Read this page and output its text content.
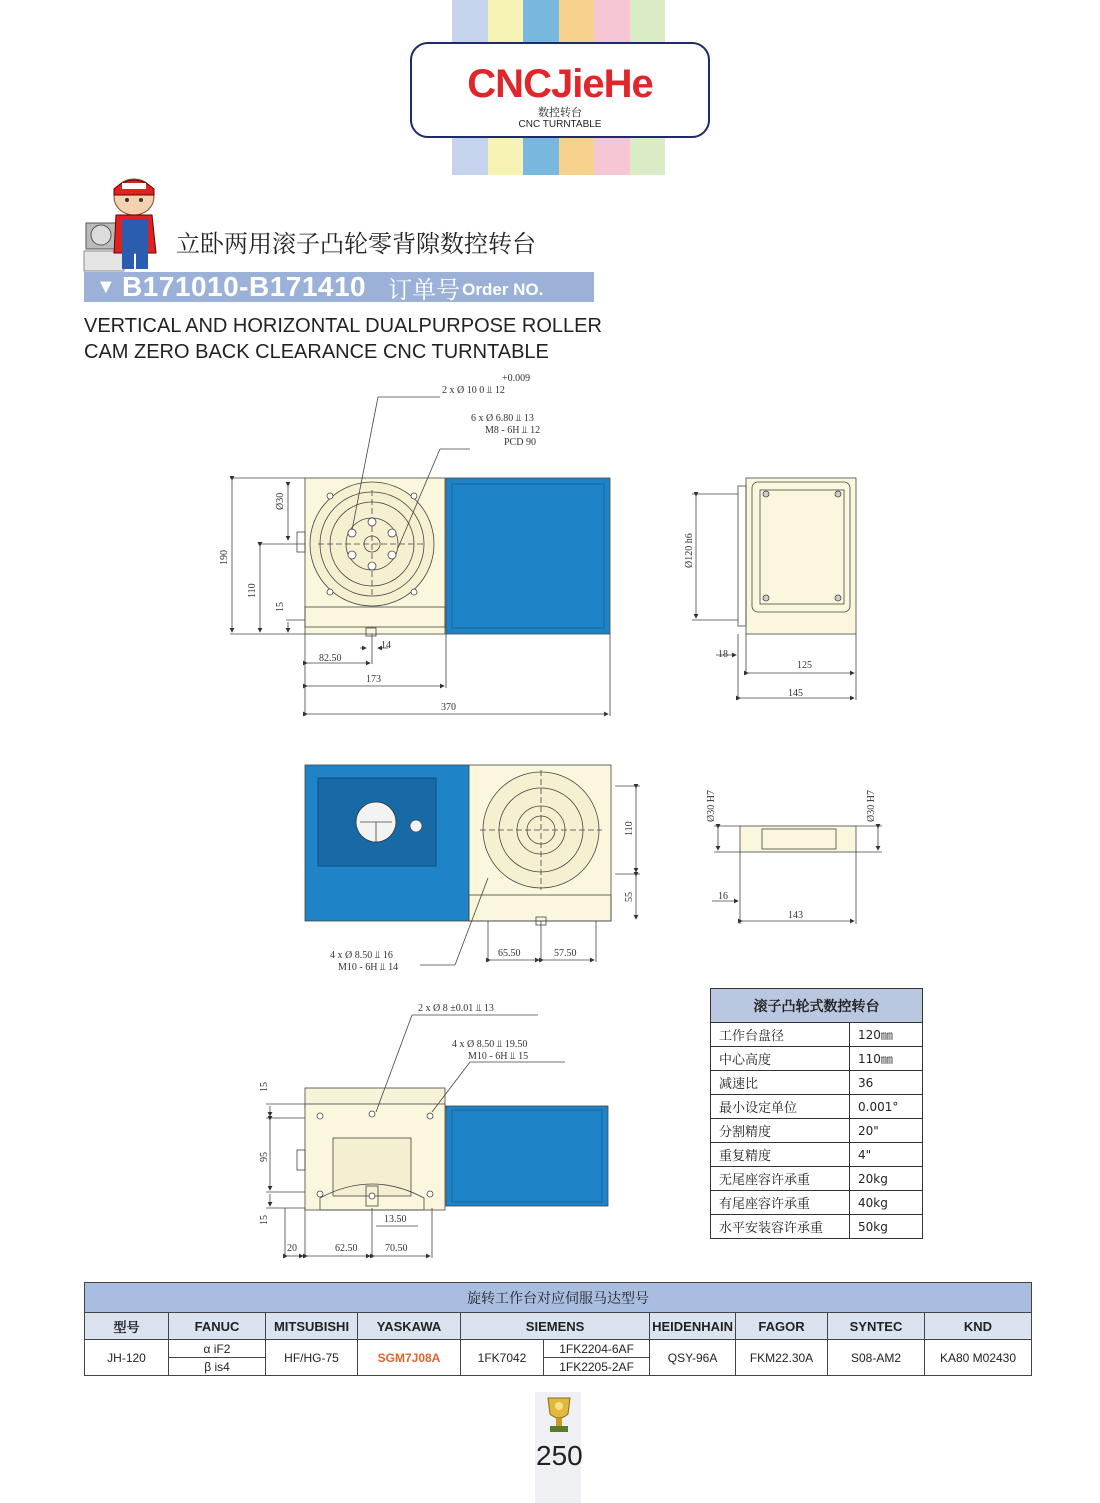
CNCJieHe
数控转台
CNC TURNTABLE
立卧两用滚子凸轮零背隙数控转台
▼ B171010-B171410 订单号 Order NO.
VERTICAL AND HORIZONTAL DUALPURPOSE ROLLER
CAM ZERO BACK CLEARANCE CNC TURNTABLE
+0.009
2 x Ø 10 0 ⫫ 12
6 x Ø 6.80 ⫫ 13
M8 - 6H ⫫ 12
PCD 90
Ø30
190
110
15
14
82.50
173
370
Ø120 h6
18
125
145
110
55
4 x Ø 8.50 ⫫ 16
M10 - 6H ⫫ 14
65.50	57.50
Ø30 H7	Ø30 H7
16
143
2 x Ø 8 ±0.01 ⫫ 13
4 x Ø 8.50 ⫫ 19.50
M10 - 6H ⫫ 15
15
95
15	13.50
20	62.50	70.50
滚子凸轮式数控转台	
工作台盘径	120㎜
中心高度	110㎜
减速比	36
最小设定单位	0.001°
分割精度	20"
重复精度	4"
无尾座容许承重	20kg
有尾座容许承重	40kg
水平安装容许承重	50kg
旋转工作台对应伺服马达型号									
型号	FANUC	MITSUBISHI	YASKAWA	SIEMENS		HEIDENHAIN	FAGOR	SYNTEC	KND
JH-120	α iF2	HF/HG-75	SGM7J08A	1FK7042	1FK2204-6AF	QSY-96A	FKM22.30A	S08-AM2	KA80 M02430
	β is4				1FK2205-2AF				
250
